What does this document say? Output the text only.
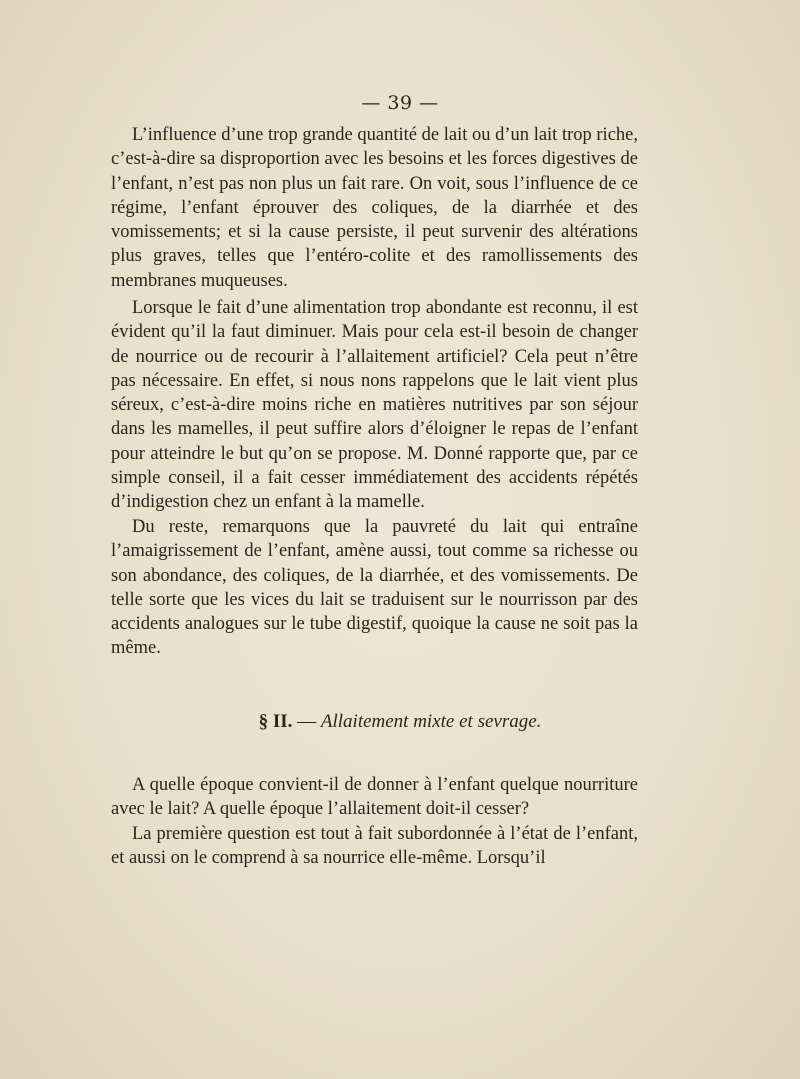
— 39 —

L’influence d’une trop grande quantité de lait ou d’un lait trop riche, c’est-à-dire sa disproportion avec les besoins et les forces digestives de l’enfant, n’est pas non plus un fait rare. On voit, sous l’influence de ce régime, l’enfant éprouver des coliques, de la diarrhée et des vomissements; et si la cause persiste, il peut survenir des altérations plus graves, telles que l’entéro-colite et des ramollissements des membranes muqueuses.

Lorsque le fait d’une alimentation trop abondante est reconnu, il est évident qu’il la faut diminuer. Mais pour cela est-il besoin de changer de nourrice ou de recourir à l’allaitement artificiel? Cela peut n’être pas nécessaire. En effet, si nous nons rappelons que le lait vient plus séreux, c’est-à-dire moins riche en matières nutritives par son séjour dans les mamelles, il peut suffire alors d’éloigner le repas de l’enfant pour atteindre le but qu’on se propose. M. Donné rapporte que, par ce simple conseil, il a fait cesser immédiatement des accidents répétés d’indigestion chez un enfant à la mamelle.

Du reste, remarquons que la pauvreté du lait qui entraîne l’amaigrissement de l’enfant, amène aussi, tout comme sa richesse ou son abondance, des coliques, de la diarrhée, et des vomissements. De telle sorte que les vices du lait se traduisent sur le nourrisson par des accidents analogues sur le tube digestif, quoique la cause ne soit pas la même.

§ II. — Allaitement mixte et sevrage.

A quelle époque convient-il de donner à l’enfant quelque nourriture avec le lait? A quelle époque l’allaitement doit-il cesser?

La première question est tout à fait subordonnée à l’état de l’enfant, et aussi on le comprend à sa nourrice elle-même. Lorsqu’il
